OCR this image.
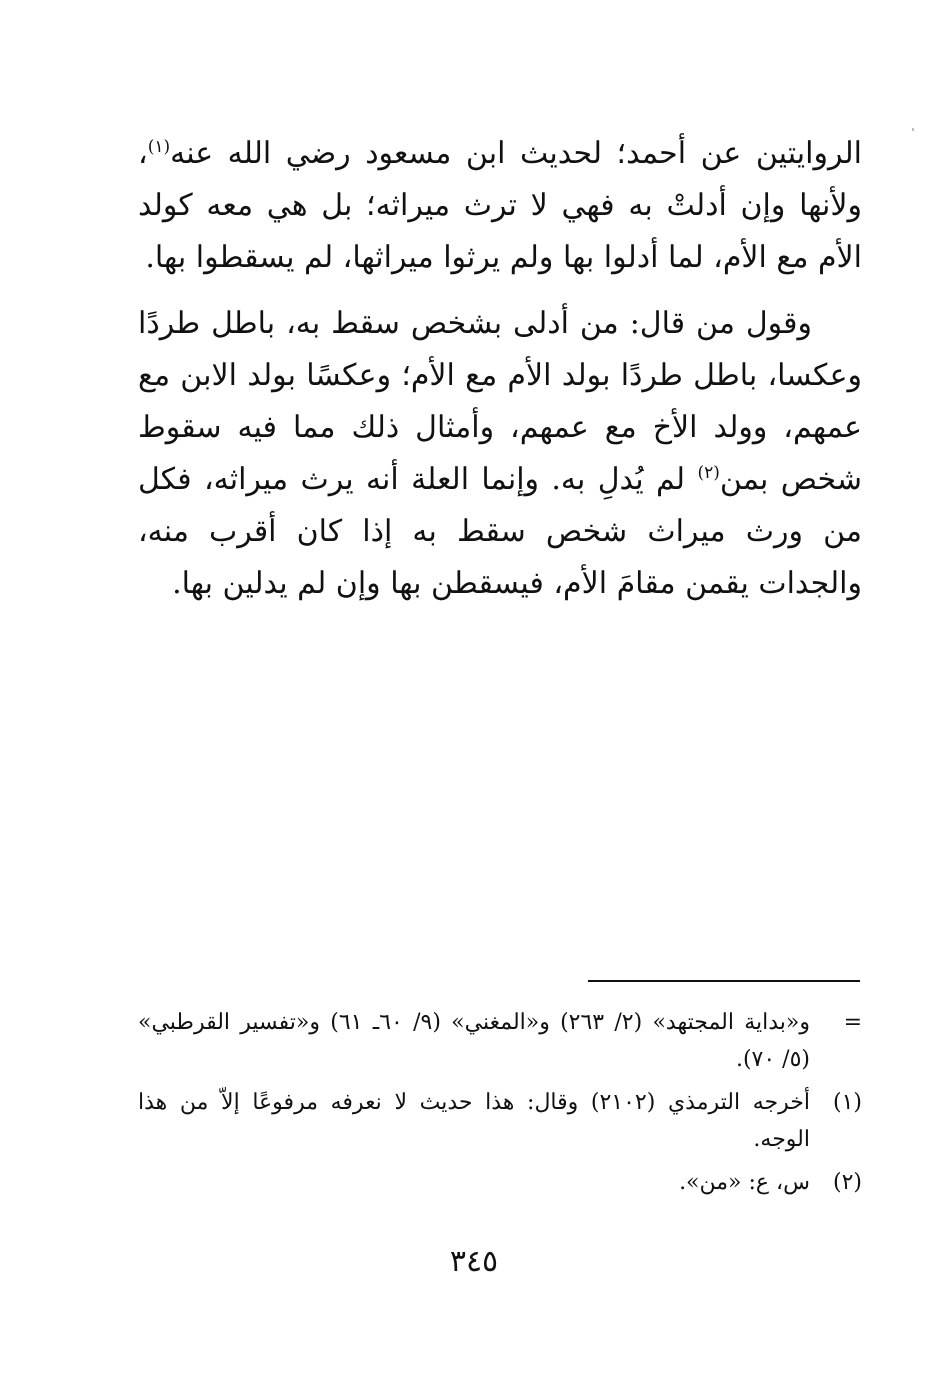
الروايتين عن أحمد؛ لحديث ابن مسعود رضي الله عنه$^{(١)}$، ولأنها وإن أدلتْ به فهي لا ترث ميراثه؛ بل هي معه كولد الأم مع الأم، لما أدلوا بها ولم يرثوا ميراثها، لم يسقطوا بها.

وقول من قال: من أدلى بشخص سقط به، باطل طردًا وعكسا، باطل طردًا بولد الأم مع الأم؛ وعكسًا بولد الابن مع عمهم، وولد الأخ مع عمهم، وأمثال ذلك مما فيه سقوط شخص بمن$^{(٢)}$ لم يُدلِ به. وإنما العلة أنه يرث ميراثه، فكل من ورث ميراث شخص سقط به إذا كان أقرب منه، والجدات يقمن مقامَ الأم، فيسقطن بها وإن لم يدلين بها.

=
و«بداية المجتهد» (٢/ ٢٦٣) و«المغني» (٩/ ٦٠ـ ٦١) و«تفسير القرطبي» (٥/ ٧٠).
(١)
أخرجه الترمذي (٢١٠٢) وقال: هذا حديث لا نعرفه مرفوعًا إلاّ من هذا الوجه.
(٢)
س، ع: «من».
٣٤٥
